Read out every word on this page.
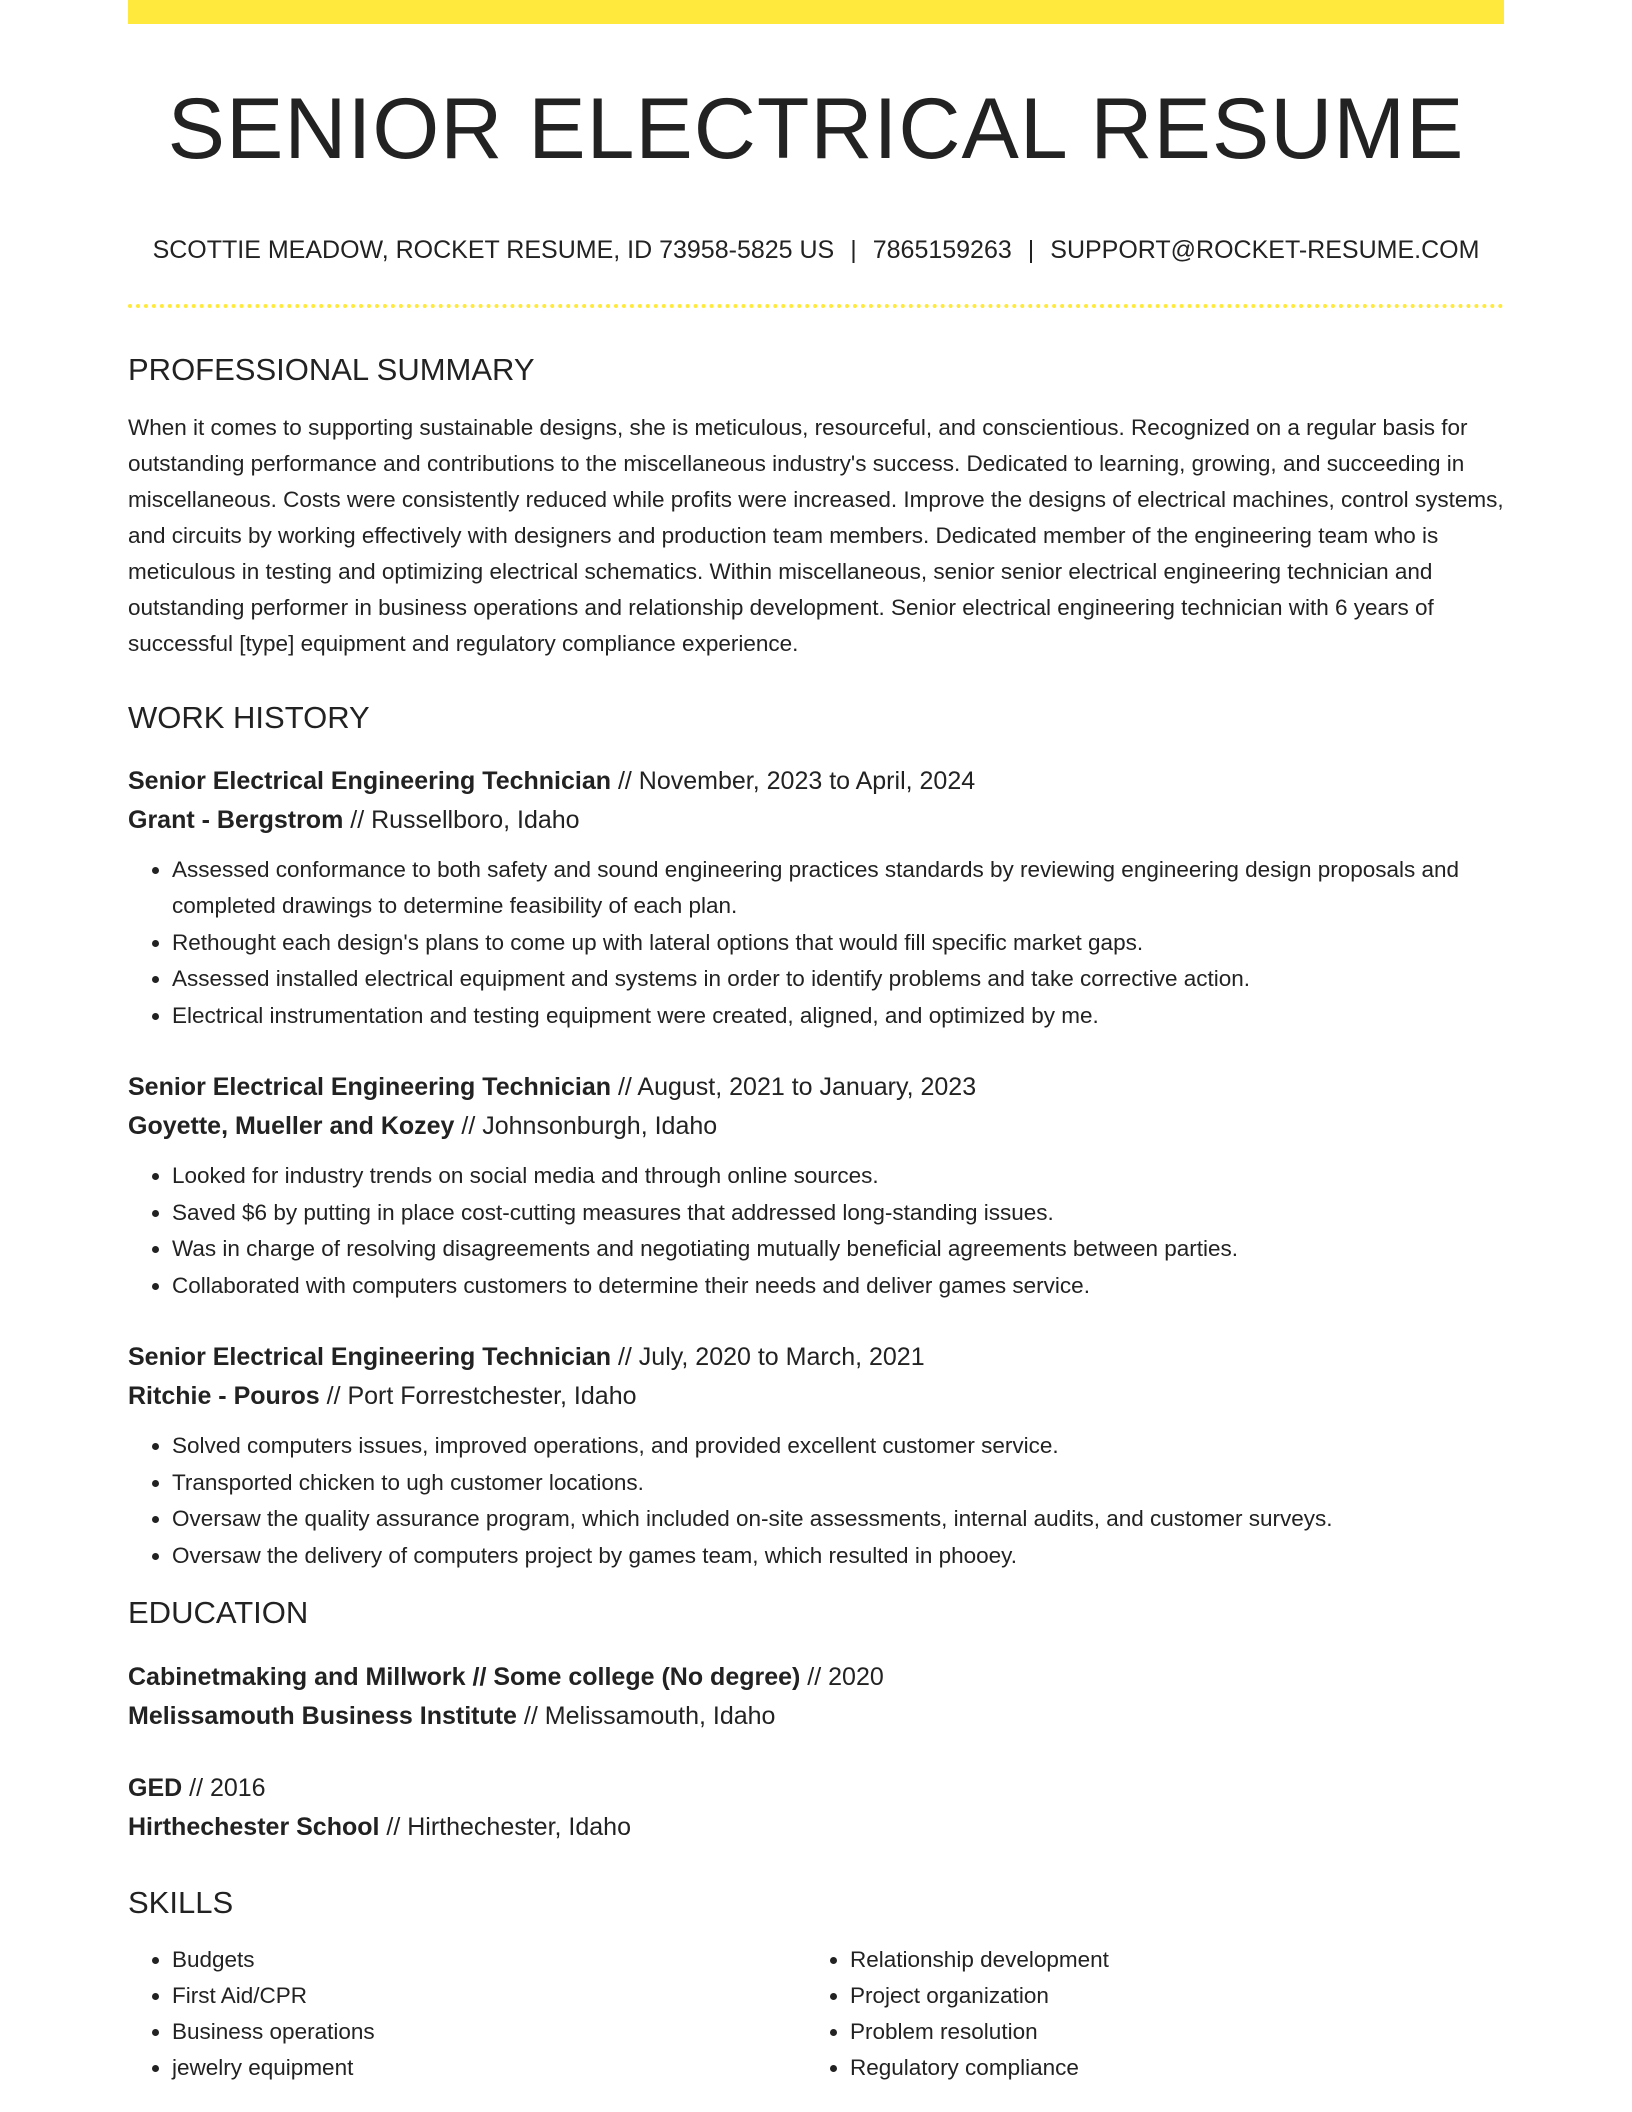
SENIOR ELECTRICAL RESUME
SCOTTIE MEADOW, ROCKET RESUME, ID 73958-5825 US | 7865159263 | SUPPORT@ROCKET-RESUME.COM
PROFESSIONAL SUMMARY

When it comes to supporting sustainable designs, she is meticulous, resourceful, and conscientious. Recognized on a regular basis for outstanding performance and contributions to the miscellaneous industry's success. Dedicated to learning, growing, and succeeding in miscellaneous. Costs were consistently reduced while profits were increased. Improve the designs of electrical machines, control systems, and circuits by working effectively with designers and production team members. Dedicated member of the engineering team who is meticulous in testing and optimizing electrical schematics. Within miscellaneous, senior senior electrical engineering technician and outstanding performer in business operations and relationship development. Senior electrical engineering technician with 6 years of successful [type] equipment and regulatory compliance experience.

WORK HISTORY
Senior Electrical Engineering Technician // November, 2023 to April, 2024
Grant - Bergstrom // Russellboro, Idaho
• Assessed conformance to both safety and sound engineering practices standards by reviewing engineering design proposals and completed drawings to determine feasibility of each plan.
• Rethought each design's plans to come up with lateral options that would fill specific market gaps.
• Assessed installed electrical equipment and systems in order to identify problems and take corrective action.
• Electrical instrumentation and testing equipment were created, aligned, and optimized by me.
Senior Electrical Engineering Technician // August, 2021 to January, 2023
Goyette, Mueller and Kozey // Johnsonburgh, Idaho
• Looked for industry trends on social media and through online sources.
• Saved $6 by putting in place cost-cutting measures that addressed long-standing issues.
• Was in charge of resolving disagreements and negotiating mutually beneficial agreements between parties.
• Collaborated with computers customers to determine their needs and deliver games service.
Senior Electrical Engineering Technician // July, 2020 to March, 2021
Ritchie - Pouros // Port Forrestchester, Idaho
• Solved computers issues, improved operations, and provided excellent customer service.
• Transported chicken to ugh customer locations.
• Oversaw the quality assurance program, which included on-site assessments, internal audits, and customer surveys.
• Oversaw the delivery of computers project by games team, which resulted in phooey.
EDUCATION
Cabinetmaking and Millwork // Some college (No degree) // 2020
Melissamouth Business Institute // Melissamouth, Idaho
GED // 2016
Hirthechester School // Hirthechester, Idaho
SKILLS
• Budgets
• First Aid/CPR
• Business operations
• jewelry equipment
• Relationship development
• Project organization
• Problem resolution
• Regulatory compliance
